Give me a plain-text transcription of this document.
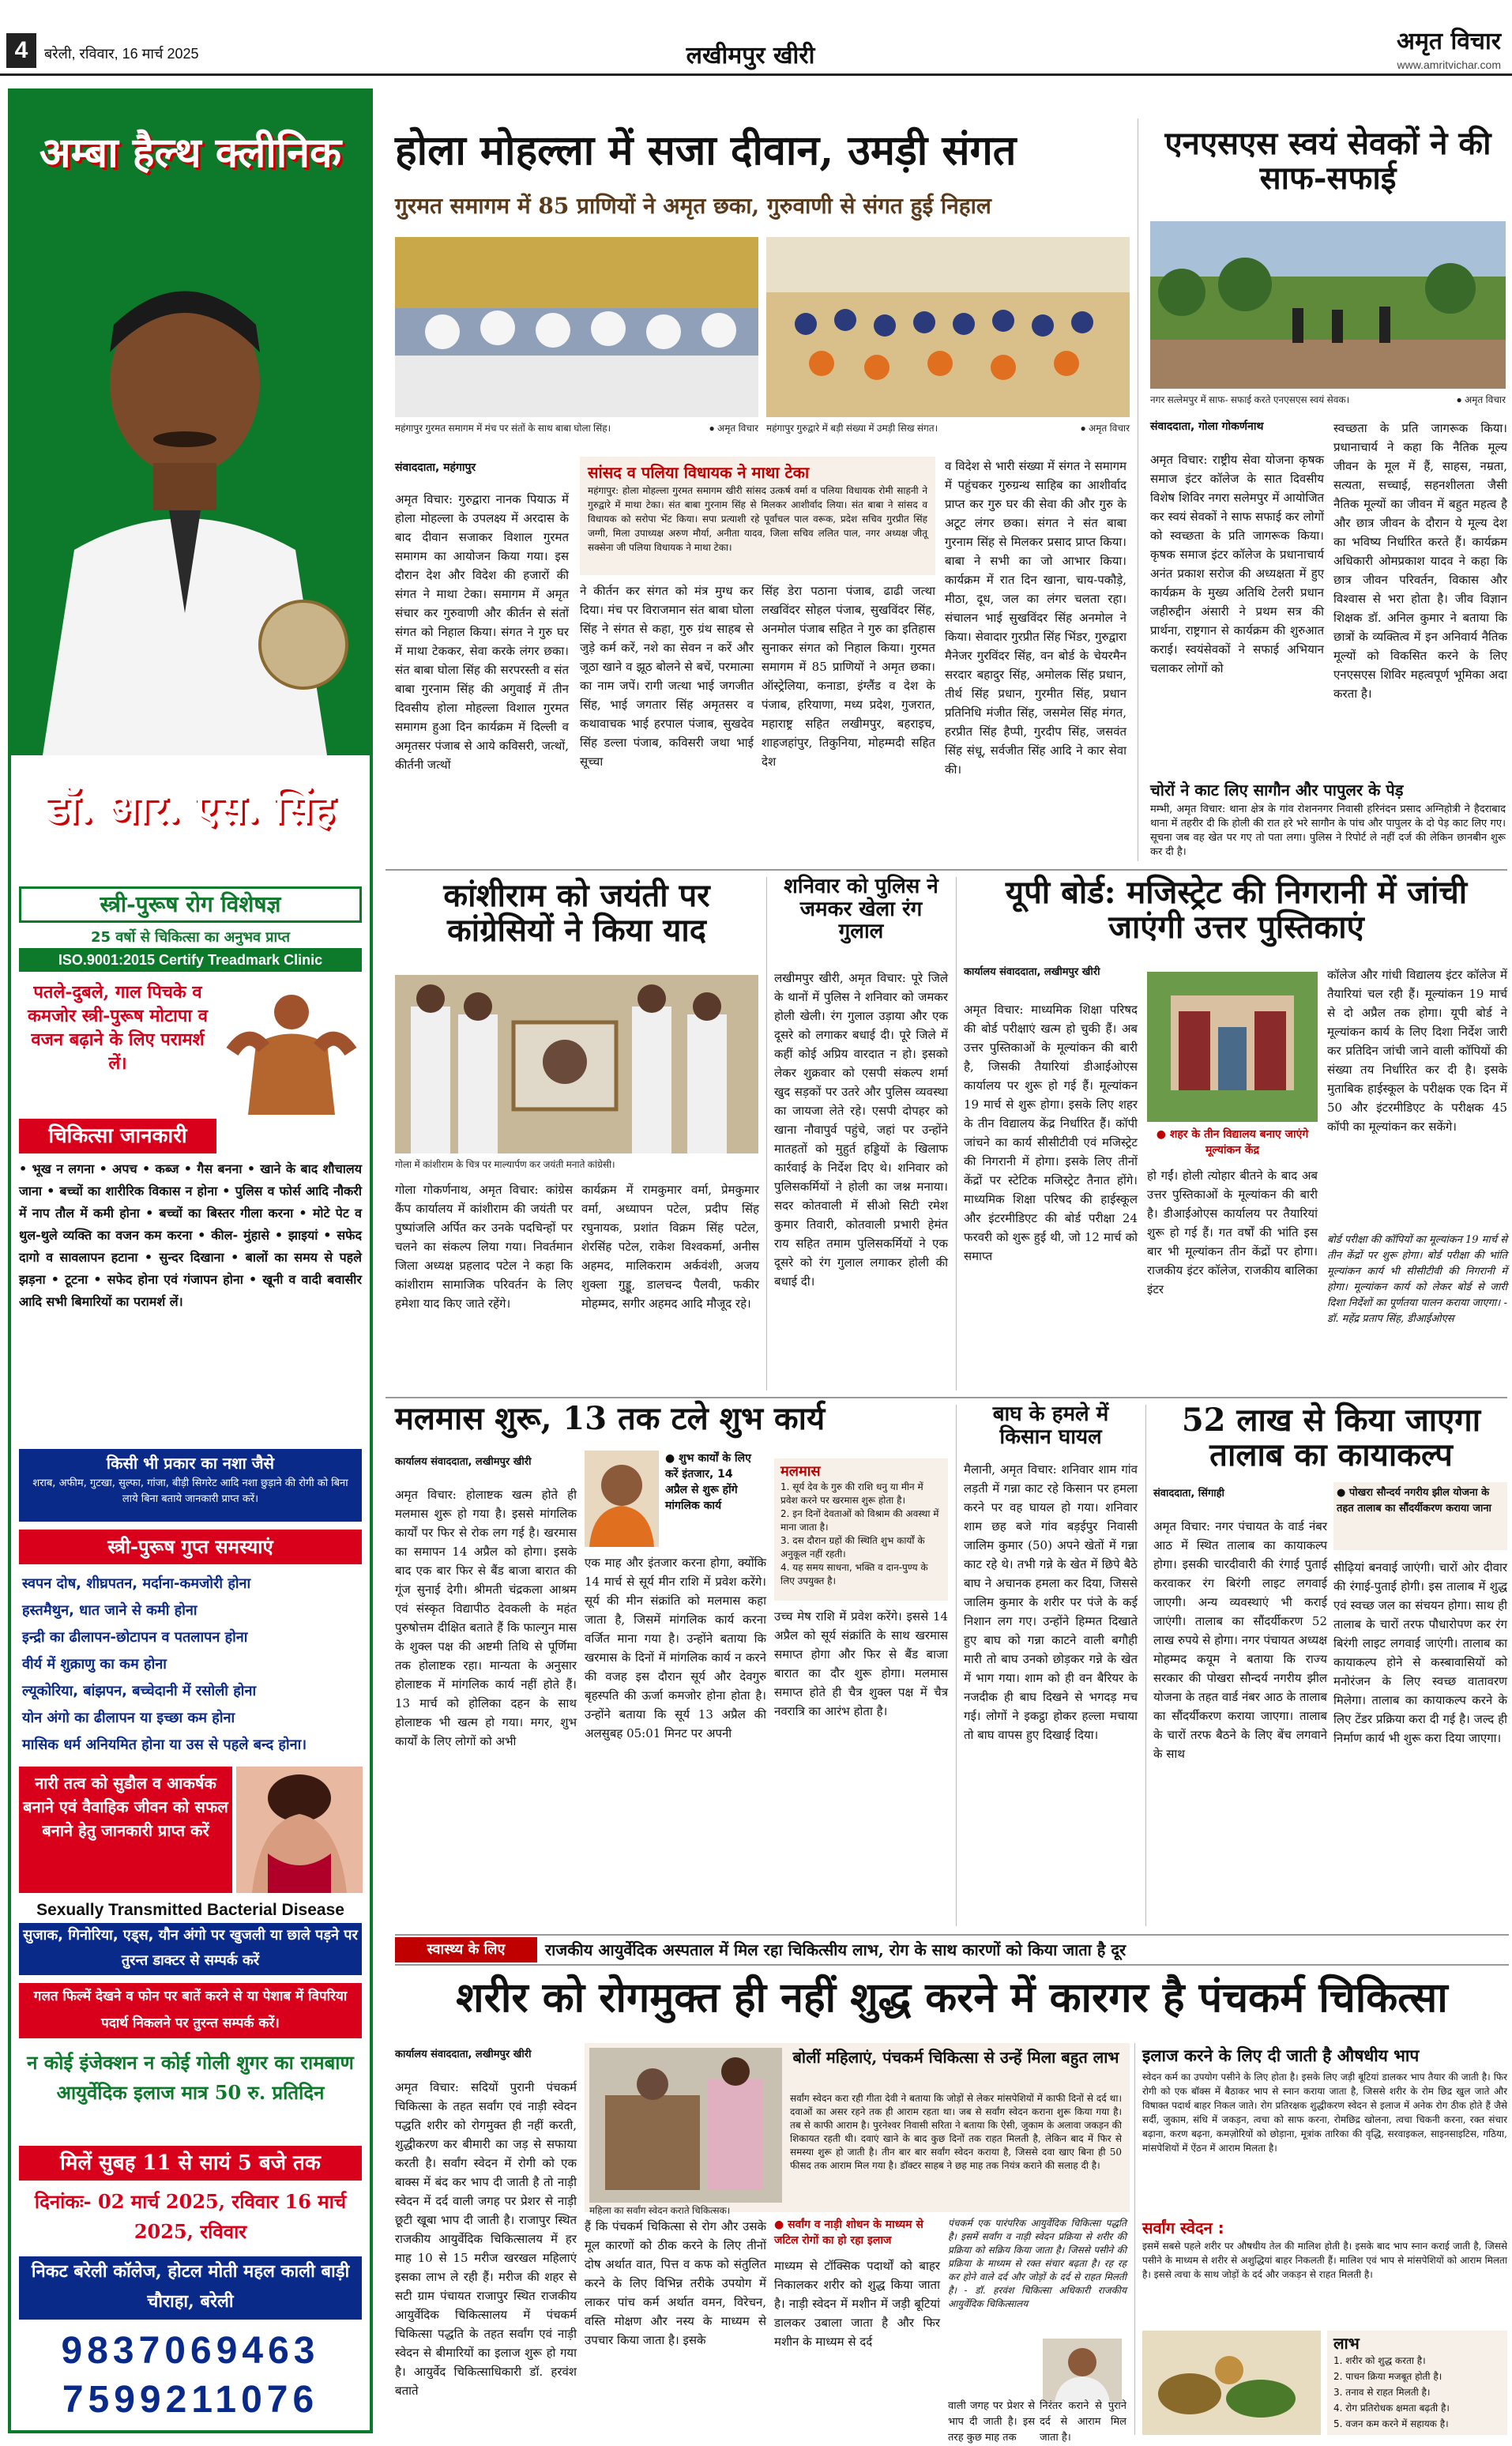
4	बरेली, रविवार, 16 मार्च 2025	लखीमपुर खीरी
अमृत विचार
www.amritvichar.com
अम्बा हैल्थ क्लीनिक
डॉ. आर. एस. सिंह
B.A.M.S.(आयुर्वेदाचार्य)
स्त्री-पुरूष रोग विशेषज्ञ
25 वर्षो से चिकित्सा का अनुभव प्राप्त
ISO.9001:2015 Certify Treadmark Clinic
पतले-दुबले, गाल पिचके व कमजोर स्त्री-पुरूष मोटापा व वजन बढ़ाने के लिए परामर्श लें।
चिकित्सा जानकारी
• भूख न लगना • अपच • कब्ज • गैस बनना • खाने के बाद शौचालय जाना • बच्चों का शारीरिक विकास न होना • पुलिस व फोर्स आदि नौकरी में नाप तौल में कमी होना • बच्चों का बिस्तर गीला करना • मोटे पेट व थुल-थुले व्यक्ति का वजन कम करना • कील- मुंहासे • झाइयां • सफेद दागो व सावलापन हटाना • सुन्दर दिखाना • बालों का समय से पहले झड़ना • टूटना • सफेद होना एवं गंजापन होना • खूनी व वादी बवासीर आदि सभी बिमारियों का परामर्श लें।
किसी भी प्रकार का नशा जैसे
शराब, अफीम, गुटखा, सुल्फा, गांजा, बीड़ी सिगरेट आदि नशा छुड़ाने की रोगी को बिना लाये बिना बताये जानकारी प्राप्त करें।
स्त्री-पुरूष गुप्त समस्याएं
स्वपन दोष, शीघ्रपतन, मर्दाना-कमजोरी होना
हस्तमैथुन, धात जाने से कमी होना
इन्द्री का ढीलापन-छोटापन व पतलापन होना
वीर्य में शुक्राणु का कम होना
ल्यूकोरिया, बांझपन, बच्चेदानी में रसोली होना
योन अंगो का ढीलापन या इच्छा कम होना
मासिक धर्म अनियमित होना या उस से पहले बन्द होना।
नारी तत्व को सुडौल व आकर्षक बनाने एवं वैवाहिक जीवन को सफल बनाने हेतु जानकारी प्राप्त करें
Sexually Transmitted Bacterial Disease
सुजाक, गिनोरिया, एड्स, यौन अंगो पर खुजली या छाले पड़ने पर तुरन्त डाक्टर से सम्पर्क करें
गलत फिल्में देखने व फोन पर बातें करने से या पेशाब में विपरिया पदार्थ निकलने पर तुरन्त सम्पर्क करें।
न कोई इंजेक्शन न कोई गोली शुगर का रामबाण आयुर्वेदिक इलाज मात्र 50 रु. प्रतिदिन
मिलें सुबह 11 से सायं 5 बजे तक
दिनांकः- 02 मार्च 2025, रविवार 16 मार्च 2025, रविवार
निकट बरेली कॉलेज, होटल मोती महल काली बाड़ी चौराहा, बरेली
9837069463
7599211076
होला मोहल्ला में सजा दीवान, उमड़ी संगत
गुरमत समागम में 85 प्राणियों ने अमृत छका, गुरुवाणी से संगत हुई निहाल
महंगापुर गुरमत समागम में मंच पर संतों के साथ बाबा घोला सिंह।	● अमृत विचार महंगापुर गुरुद्वारे में बड़ी संख्या में उमड़ी सिख संगत।	● अमृत विचार
संवाददाता, महंगापुर
अमृत विचार: गुरुद्वारा नानक पियाऊ में होला मोहल्ला के उपलक्ष्य में अरदास के बाद दीवान सजाकर विशाल गुरमत समागम का आयोजन किया गया। इस दौरान देश और विदेश की हजारों की संगत ने माथा टेका। समागम में अमृत संचार कर गुरुवाणी और कीर्तन से संतों संगत को निहाल किया। संगत ने गुरु घर में माथा टेककर, सेवा करके लंगर छका। संत बाबा घोला सिंह की सरपरस्ती व संत बाबा गुरनाम सिंह की अगुवाई में तीन दिवसीय होला मोहल्ला विशाल गुरमत समागम हुआ दिन कार्यक्रम में दिल्ली व अमृतसर पंजाब से आये कविसरी, जत्थों, कीर्तनी जत्थों
सांसद व पलिया विधायक ने माथा टेका
महंगापुर: होला मोहल्ला गुरमत समागम खीरी सांसद उत्कर्ष वर्मा व पलिया विधायक रोमी साहनी ने गुरुद्वारे में माथा टेका। संत बाबा गुरनाम सिंह से मिलकर आशीर्वाद लिया। संत बाबा ने सांसद व विधायक को सरोपा भेंट किया। सपा प्रत्याशी रहे पूर्वांचल पाल वरूक, प्रदेश सचिव गुरप्रीत सिंह जग्गी, मिला उपाध्यक्ष अरुण मौर्या, अनीता यादव, जिला सचिव ललित पाल, नगर अध्यक्ष जीतू सक्सेना जी पलिया विधायक ने माथा टेका।
ने कीर्तन कर संगत को मंत्र मुग्ध कर दिया। मंच पर विराजमान संत बाबा घोला सिंह ने संगत से कहा, गुरु ग्रंथ साहब से जुड़े कर्म करें, नशे का सेवन न करें और जूठा खाने व झूठ बोलने से बचें, परमात्मा का नाम जपें। रागी जत्था भाई जगजीत सिंह, भाई जगतार सिंह अमृतसर व कथावाचक भाई हरपाल पंजाब, सुखदेव सिंह डल्ला पंजाब, कविसरी जथा भाई सूच्चा
सिंह डेरा पठाना पंजाब, ढाढी जत्था लखविंदर सोहल पंजाब, सुखविंदर सिंह, अनमोल पंजाब सहित ने गुरु का इतिहास सुनाकर संगत को निहाल किया। गुरमत समागम में 85 प्राणियों ने अमृत छका। ऑस्ट्रेलिया, कनाडा, इंग्लैंड व देश के पंजाब, हरियाणा, मध्य प्रदेश, गुजरात, महाराष्ट्र सहित लखीमपुर, बहराइच, शाहजहांपुर, तिकुनिया, मोहम्मदी सहित देश
व विदेश से भारी संख्या में संगत ने समागम में पहुंचकर गुरुग्रन्थ साहिब का आशीर्वाद प्राप्त कर गुरु घर की सेवा की और गुरु के अटूट लंगर छका। संगत ने संत बाबा गुरनाम सिंह से मिलकर प्रसाद प्राप्त किया। बाबा ने सभी का जो आभार किया। कार्यक्रम में रात दिन खाना, चाय-पकौड़े, मीठा, दूध, जल का लंगर चलता रहा। संचालन भाई सुखविंदर सिंह अनमोल ने किया। सेवादार गुरप्रीत सिंह भिंडर, गुरुद्वारा मैनेजर गुरविंदर सिंह, वन बोर्ड के चेयरमैन सरदार बहादुर सिंह, अमोलक सिंह प्रधान, तीर्थ सिंह प्रधान, गुरमीत सिंह, प्रधान प्रतिनिधि मंजीत सिंह, जसमेल सिंह मंगत, हरप्रीत सिंह हैप्पी, गुरदीप सिंह, जसवंत सिंह संधू, सर्वजीत सिंह आदि ने कार सेवा की।
एनएसएस स्वयं सेवकों ने की साफ-सफाई
नगर सत्लेमपुर में साफ- सफाई करते एनएसएस स्वयं सेवक।	● अमृत विचार
संवाददाता, गोला गोकर्णनाथ
अमृत विचार: राष्ट्रीय सेवा योजना कृषक समाज इंटर कॉलेज के सात दिवसीय विशेष शिविर नगरा सलेमपुर में आयोजित कर स्वयं सेवकों ने साफ सफाई कर लोगों को स्वच्छता के प्रति जागरूक किया। कृषक समाज इंटर कॉलेज के प्रधानाचार्य अनंत प्रकाश सरोज की अध्यक्षता में हुए कार्यक्रम के मुख्य अतिथि टेलरी प्रधान जहीरुद्दीन अंसारी ने प्रथम सत्र की प्रार्थना, राष्ट्रगान से कार्यक्रम की शुरुआत कराई। स्वयंसेवकों ने सफाई अभियान चलाकर लोगों को
स्वच्छता के प्रति जागरूक किया। प्रधानाचार्य ने कहा कि नैतिक मूल्य जीवन के मूल में हैं, साहस, नम्रता, सत्यता, सच्चाई, सहनशीलता जैसी नैतिक मूल्यों का जीवन में बहुत महत्व है और छात्र जीवन के दौरान ये मूल्य देश का भविष्य निर्धारित करते हैं। कार्यक्रम अधिकारी ओमप्रकाश यादव ने कहा कि छात्र जीवन परिवर्तन, विकास और विश्वास से भरा होता है। जीव विज्ञान शिक्षक डॉ. अनिल कुमार ने बताया कि छात्रों के व्यक्तित्व में इन अनिवार्य नैतिक मूल्यों को विकसित करने के लिए एनएसएस शिविर महत्वपूर्ण भूमिका अदा करता है।
चोरों ने काट लिए सागौन और पापुलर के पेड़
मम्भी, अमृत विचार: थाना क्षेत्र के गांव रोशननगर निवासी हरिनंदन प्रसाद अग्निहोत्री ने हैदराबाद थाना में तहरीर दी कि होली की रात हरे भरे सागौन के पांच और पापुलर के दो पेड़ काट लिए गए। सूचना जब वह खेत पर गए तो पता लगा। पुलिस ने रिपोर्ट ले नहीं दर्ज की लेकिन छानबीन शुरू कर दी है।
कांशीराम को जयंती पर कांग्रेसियों ने किया याद
गोला में कांशीराम के चित्र पर माल्यार्पण कर जयंती मनाते कांग्रेसी।
गोला गोकर्णनाथ, अमृत विचार: कांग्रेस कैंप कार्यालय में कांशीराम की जयंती पर पुष्पांजलि अर्पित कर उनके पदचिन्हों पर चलने का संकल्प लिया गया। निवर्तमान जिला अध्यक्ष प्रहलाद पटेल ने कहा कि कांशीराम सामाजिक परिवर्तन के लिए हमेशा याद किए जाते रहेंगे।
कार्यक्रम में रामकुमार वर्मा, प्रेमकुमार वर्मा, अध्यापन पटेल, प्रदीप सिंह रघुनायक, प्रशांत विक्रम सिंह पटेल, शेरसिंह पटेल, राकेश विश्वकर्मा, अनीस अहमद, मालिकराम अर्कवंशी, अजय शुक्ला गुड्डू, डालचन्द पैलवी, फकीर मोहम्मद, सगीर अहमद आदि मौजूद रहे।
शनिवार को पुलिस ने जमकर खेला रंग गुलाल
लखीमपुर खीरी, अमृत विचार: पूरे जिले के थानों में पुलिस ने शनिवार को जमकर होली खेली। रंग गुलाल उड़ाया और एक दूसरे को लगाकर बधाई दी। पूरे जिले में कहीं कोई अप्रिय वारदात न हो। इसको लेकर शुक्रवार को एसपी संकल्प शर्मा खुद सड़कों पर उतरे और पुलिस व्यवस्था का जायजा लेते रहे। एसपी दोपहर को खाना नौवापुर्व पहुंचे, जहां पर उन्होंने मातहतों को मुहुर्त हड्डियों के खिलाफ कार्रवाई के निर्देश दिए थे। शनिवार को पुलिसकर्मियों ने होली का जश्न मनाया। सदर कोतवाली में सीओ सिटी रमेश कुमार तिवारी, कोतवाली प्रभारी हेमंत राय सहित तमाम पुलिसकर्मियों ने एक दूसरे को रंग गुलाल लगाकर होली की बधाई दी।
यूपी बोर्ड: मजिस्ट्रेट की निगरानी में जांची जाएंगी उत्तर पुस्तिकाएं
कार्यालय संवाददाता, लखीमपुर खीरी
अमृत विचार: माध्यमिक शिक्षा परिषद की बोर्ड परीक्षाएं खत्म हो चुकी हैं। अब उत्तर पुस्तिकाओं के मूल्यांकन की बारी है, जिसकी तैयारियां डीआईओएस कार्यालय पर शुरू हो गई हैं। मूल्यांकन 19 मार्च से शुरू होगा। इसके लिए शहर के तीन विद्यालय केंद्र निर्धारित हैं। कॉपी जांचने का कार्य सीसीटीवी एवं मजिस्ट्रेट की निगरानी में होगा। इसके लिए तीनों केंद्रों पर स्टेटिक मजिस्ट्रेट तैनात होंगे। माध्यमिक शिक्षा परिषद की हाईस्कूल और इंटरमीडिएट की बोर्ड परीक्षा 24 फरवरी को शुरू हुई थी, जो 12 मार्च को समाप्त
● शहर के तीन विद्यालय बनाए जाएंगे मूल्यांकन केंद्र
हो गईं। होली त्योहार बीतने के बाद अब उत्तर पुस्तिकाओं के मूल्यांकन की बारी है। डीआईओएस कार्यालय पर तैयारियां शुरू हो गई हैं। गत वर्षों की भांति इस बार भी मूल्यांकन तीन केंद्रों पर होगा। राजकीय इंटर कॉलेज, राजकीय बालिका इंटर
कॉलेज और गांधी विद्यालय इंटर कॉलेज में तैयारियां चल रही हैं। मूल्यांकन 19 मार्च से दो अप्रैल तक होगा। यूपी बोर्ड ने मूल्यांकन कार्य के लिए दिशा निर्देश जारी कर प्रतिदिन जांची जाने वाली कॉपियों की संख्या तय निर्धारित कर दी है। इसके मुताबिक हाईस्कूल के परीक्षक एक दिन में 50 और इंटरमीडिएट के परीक्षक 45 कॉपी का मूल्यांकन कर सकेंगे।
बोर्ड परीक्षा की कॉपियों का मूल्यांकन 19 मार्च से तीन केंद्रों पर शुरू होगा। बोर्ड परीक्षा की भांति मूल्यांकन कार्य भी सीसीटीवी की निगरानी में होगा। मूल्यांकन कार्य को लेकर बोर्ड से जारी दिशा निर्देशों का पूर्णतया पालन कराया जाएगा। - डॉ. महेंद्र प्रताप सिंह, डीआईओएस
मलमास शुरू, 13 तक टले शुभ कार्य
कार्यालय संवाददाता, लखीमपुर खीरी
अमृत विचार: होलाष्टक खत्म होते ही मलमास शुरू हो गया है। इससे मांगलिक कार्यों पर फिर से रोक लग गई है। खरमास का समापन 14 अप्रैल को होगा। इसके बाद एक बार फिर से बैंड बाजा बारात की गूंज सुनाई देगी। श्रीमती चंद्रकला आश्रम एवं संस्कृत विद्यापीठ देवकली के महंत पुरुषोत्तम दीक्षित बताते हैं कि फाल्गुन मास के शुक्ल पक्ष की अष्टमी तिथि से पूर्णिमा तक होलाष्टक रहा। मान्यता के अनुसार होलाष्टक में मांगलिक कार्य नहीं होते हैं। 13 मार्च को होलिका दहन के साथ होलाष्टक भी खत्म हो गया। मगर, शुभ कार्यों के लिए लोगों को अभी
● शुभ कार्यों के लिए करें इंतजार, 14 अप्रैल से शुरू होंगे मांगलिक कार्य
एक माह और इंतजार करना होगा, क्योंकि 14 मार्च से सूर्य मीन राशि में प्रवेश करेंगे। सूर्य की मीन संक्रांति को मलमास कहा जाता है, जिसमें मांगलिक कार्य करना वर्जित माना गया है। उन्होंने बताया कि खरमास के दिनों में मांगलिक कार्य न करने की वजह इस दौरान सूर्य और देवगुरु बृहस्पति की ऊर्जा कमजोर होना होता है। उन्होंने बताया कि सूर्य 13 अप्रैल की अलसुबह 05:01 मिनट पर अपनी
मलमास
1. सूर्य देव के गुरु की राशि धनु या मीन में प्रवेश करने पर खरमास शुरू होता है।
2. इन दिनों देवताओं को विश्राम की अवस्था में माना जाता है।
3. दस दौरान ग्रहों की स्थिति शुभ कार्यों के अनुकूल नहीं रहती।
4. यह समय साधना, भक्ति व दान-पुण्य के लिए उपयुक्त है।
उच्च मेष राशि में प्रवेश करेंगे। इससे 14 अप्रैल को सूर्य संक्रांति के साथ खरमास समाप्त होगा और फिर से बैंड बाजा बारात का दौर शुरू होगा। मलमास समाप्त होते ही चैत्र शुक्ल पक्ष में चैत्र नवरात्रि का आरंभ होता है।
बाघ के हमले में किसान घायल
मैलानी, अमृत विचार: शनिवार शाम गांव लड़ती में गन्ना काट रहे किसान पर हमला करने पर वह घायल हो गया। शनिवार शाम छह बजे गांव बड़ईपुर निवासी जालिम कुमार (50) अपने खेतों में गन्ना काट रहे थे। तभी गन्ने के खेत में छिपे बैठे बाघ ने अचानक हमला कर दिया, जिससे जालिम कुमार के शरीर पर पंजे के कई निशान लग गए। उन्होंने हिम्मत दिखाते हुए बाघ को गन्ना काटने वाली बगौही मारी तो बाघ उनको छोड़कर गन्ने के खेत में भाग गया। शाम को ही वन बैरियर के नजदीक ही बाघ दिखने से भगदड़ मच गई। लोगों ने इकट्ठा होकर हल्ला मचाया तो बाघ वापस हुए दिखाई दिया।
52 लाख से किया जाएगा तालाब का कायाकल्प
संवाददाता, सिंगाही	● पोखरा सौन्दर्य नगरीय झील योजना के तहत तालाब का सौंदर्यीकरण कराया जाना
अमृत विचार: नगर पंचायत के वार्ड नंबर आठ में स्थित तालाब का कायाकल्प होगा। इसकी चारदीवारी की रंगाई पुताई करवाकर रंग बिरंगी लाइट लगवाई जाएगी। अन्य व्यवस्थाएं भी कराई जाएंगी। तालाब का सौंदर्यीकरण 52 लाख रुपये से होगा। नगर पंचायत अध्यक्ष मोहम्मद कयूम ने बताया कि राज्य सरकार की पोखरा सौन्दर्य नगरीय झील योजना के तहत वार्ड नंबर आठ के तालाब का सौंदर्यीकरण कराया जाएगा। तालाब के चारों तरफ बैठने के लिए बेंच लगवाने के साथ
सीढ़ियां बनवाई जाएंगी। चारों ओर दीवार की रंगाई-पुताई होगी। इस तालाब में शुद्ध एवं स्वच्छ जल का संचयन होगा। साथ ही तालाब के चारों तरफ पौधारोपण कर रंग बिरंगी लाइट लगवाई जाएंगी। तालाब का कायाकल्प होने से कस्बावासियों को मनोरंजन के लिए स्वच्छ वातावरण मिलेगा। तालाब का कायाकल्प करने के लिए टेंडर प्रक्रिया करा दी गई है। जल्द ही निर्माण कार्य भी शुरू करा दिया जाएगा।
स्वास्थ्य के लिए	राजकीय आयुर्वेदिक अस्पताल में मिल रहा चिकित्सीय लाभ, रोग के साथ कारणों को किया जाता है दूर
शरीर को रोगमुक्त ही नहीं शुद्ध करने में कारगर है पंचकर्म चिकित्सा
कार्यालय संवाददाता, लखीमपुर खीरी
अमृत विचार: सदियों पुरानी पंचकर्म चिकित्सा के तहत सर्वांग एवं नाड़ी स्वेदन पद्धति शरीर को रोगमुक्त ही नहीं करती, शुद्धीकरण कर बीमारी का जड़ से सफाया करती है। सर्वांग स्वेदन में रोगी को एक बाक्स में बंद कर भाप दी जाती है तो नाड़ी स्वेदन में दर्द वाली जगह पर प्रेशर से नाड़ी छूटी खूबा भाप दी जाती है। राजापुर स्थित राजकीय आयुर्वेदिक चिकित्सालय में हर माह 10 से 15 मरीज खरखल महिलाएं इसका लाभ ले रही हैं। मरीज की शहर से सटी ग्राम पंचायत राजापुर स्थित राजकीय आयुर्वेदिक चिकित्सालय में पंचकर्म चिकित्सा पद्धति के तहत सर्वांग एवं नाड़ी स्वेदन से बीमारियों का इलाज शुरू हो गया है। आयुर्वेद चिकित्साधिकारी डॉ. हरवंश बताते
हैं कि पंचकर्म चिकित्सा से रोग और उसके मूल कारणों को ठीक करने के लिए तीनों दोष अर्थात वात, पित्त व कफ को संतुलित करने के लिए विभिन्न तरीके उपयोग में लाकर पांच कर्म अर्थात वमन, विरेचन, वस्ति मोक्षण और नस्य के माध्यम से उपचार किया जाता है। इसके
बोलीं महिलाएं, पंचकर्म चिकित्सा से उन्हें मिला बहुत लाभ
सर्वांग स्वेदन करा रही गीता देवी ने बताया कि जोड़ों से लेकर मांसपेशियों में काफी दिनों से दर्द था। दवाओं का असर रहने तक ही आराम रहता था। जब से सर्वांग स्वेदन कराना शुरू किया गया है। तब से काफी आराम है। पुरनेश्वर निवासी सरिता ने बताया कि ऐसी, जुकाम के अलावा जकड़न की शिकायत रहती थी। दवाएं खाने के बाद कुछ दिनों तक राहत मिलती है, लेकिन बाद में फिर से समस्या शुरू हो जाती है। तीन बार बार सर्वांग स्वेदन कराया है, जिससे दवा खाए बिना ही 50 फीसद तक आराम मिल गया है। डॉक्टर साहब ने छह माह तक नियंत्र कराने की सलाह दी है।
महिला का सर्वांग स्वेदन कराते चिकित्सक।
● सर्वांग व नाड़ी शोधन के माध्यम से जटिल रोगों का हो रहा इलाज
माध्यम से टॉक्सिक पदार्थों को बाहर निकालकर शरीर को शुद्ध किया जाता है। नाड़ी स्वेदन में मशीन में जड़ी बूटियां डालकर उबाला जाता है और फिर मशीन के माध्यम से दर्द
पंचकर्म एक पारंपरिक आयुर्वेदिक चिकित्सा पद्धति है। इसमें सर्वांग व नाड़ी स्वेदन प्रक्रिया से शरीर की प्रक्रिया को सक्रिय किया जाता है। जिससे पसीने की प्रक्रिया के माध्यम से रक्त संचार बढ़ता है। रह रह कर होने वाले दर्द और जोड़ों के दर्द से राहत मिलती है। - डॉ. हरवंश चिकित्सा अधिकारी राजकीय आयुर्वेदिक चिकित्सालय
वाली जगह पर प्रेशर से भाप दी जाती है। इस तरह कुछ माह तक
निरंतर कराने से पुराने दर्द से आराम मिल जाता है।
इलाज करने के लिए दी जाती है औषधीय भाप
स्वेदन कर्म का उपयोग पसीने के लिए होता है। इसके लिए जड़ी बूटियां डालकर भाप तैयार की जाती है। फिर रोगी को एक बॉक्स में बैठाकर भाप से स्नान कराया जाता है, जिससे शरीर के रोम छिद्र खुल जाते और विषाक्त पदार्थ बाहर निकल जाते। रोग प्रतिरक्षक शुद्धीकरण स्वेदन से इलाज में अनेक रोग ठीक होते हैं जैसे सर्दी, जुकाम, संधि में जकड़न, त्वचा को साफ करना, रोमछिद्र खोलना, त्वचा चिकनी करना, रक्त संचार बढ़ाना, करण बढ़ना, कमज़ोरियों को छोड़ाना, मूत्रांक तारिका की वृद्धि, सरवाइकल, साइनसाइटिस, गठिया, मांसपेशियों में ऐंठन में आराम मिलता है।
सर्वांग स्वेदन :
इसमें सबसे पहले शरीर पर औषधीय तेल की मालिश होती है। इसके बाद भाप स्नान कराई जाती है, जिससे पसीने के माध्यम से शरीर से अशुद्धियां बाहर निकलती हैं। मालिश एवं भाप से मांसपेशियों को आराम मिलता है। इससे त्वचा के साथ जोड़ों के दर्द और जकड़न से राहत मिलती है।
लाभ
1. शरीर को शुद्ध करता है।
2. पाचन क्रिया मजबूत होती है।
3. तनाव से राहत मिलती है।
4. रोग प्रतिरोधक क्षमता बढ़ती है।
5. वजन कम करने में सहायक है।
